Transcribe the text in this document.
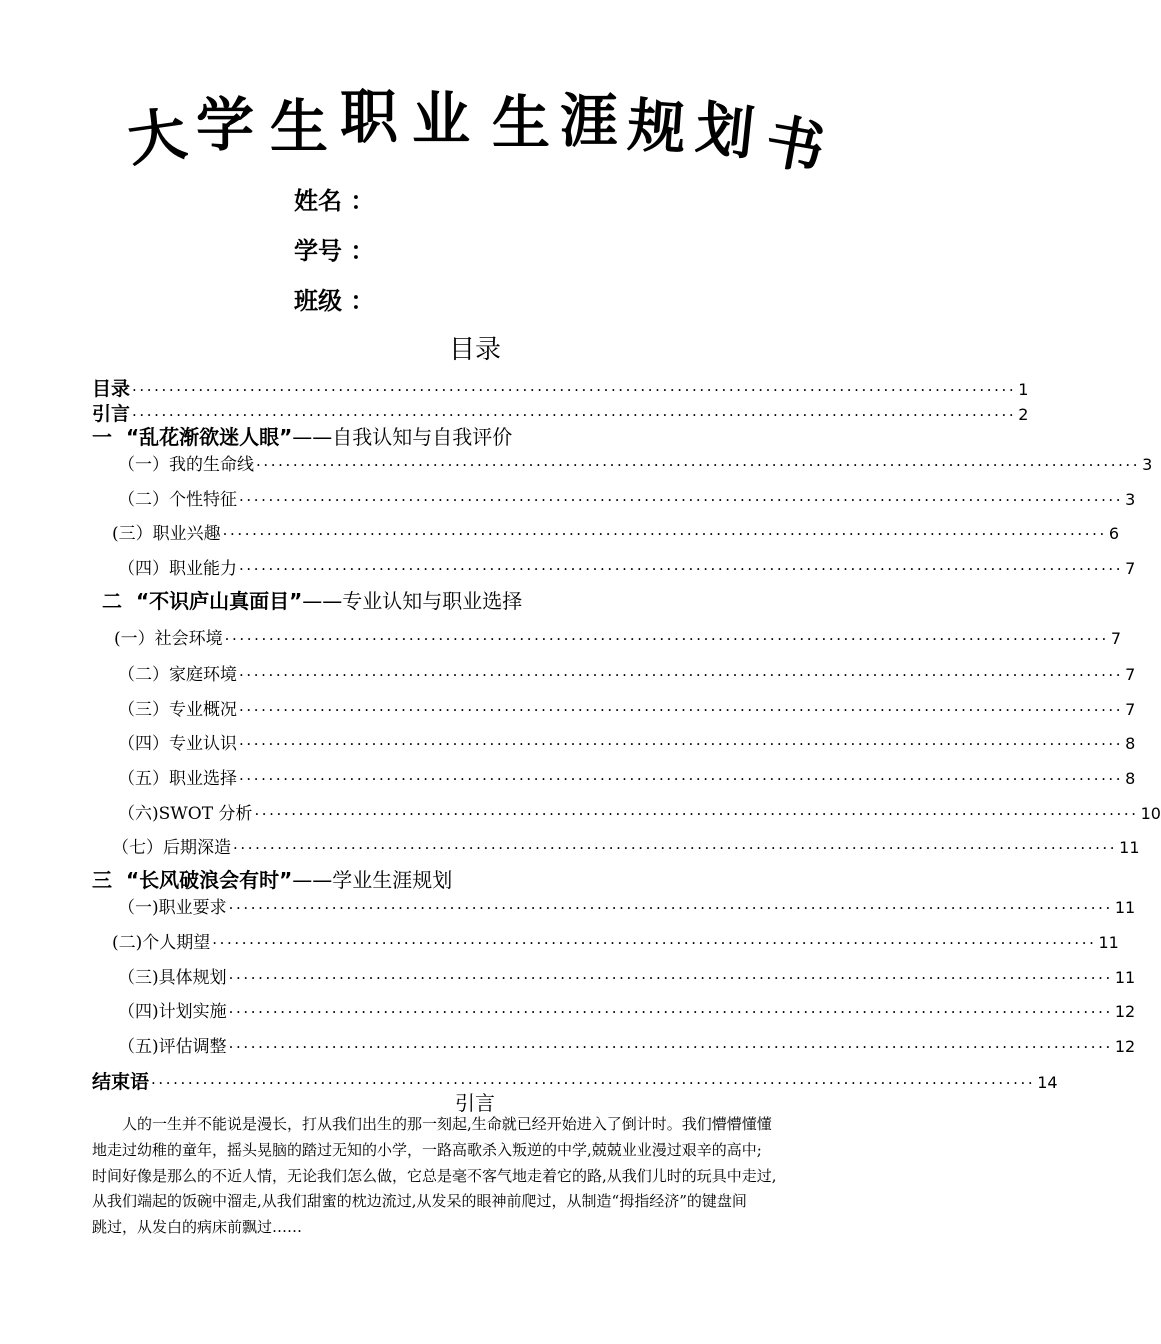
大 学 生 职 业 生 涯 规 划 书
姓名 ：
学号 ：
班级 ：
目录
目录 ························································································································ 1
引言 ························································································································ 2
一  “乱花渐欲迷人眼”——自我认知与自我评价
（一）我的生命线 ························································································································ 3
（二）个性特征 ························································································································ 3
(三）职业兴趣 ························································································································ 6
（四）职业能力 ························································································································ 7
二  “不识庐山真面目”——专业认知与职业选择
(一）社会环境 ························································································································ 7
（二）家庭环境 ························································································································ 7
（三）专业概况 ························································································································ 7
（四）专业认识 ························································································································ 8
（五）职业选择 ························································································································ 8
（六)SWOT 分析 ························································································································ 10
（七）后期深造 ························································································································ 11
三  “长风破浪会有时”——学业生涯规划
（一)职业要求 ························································································································ 11
(二)个人期望 ························································································································ 11
（三)具体规划 ························································································································ 11
（四)计划实施 ························································································································ 12
（五)评估调整 ························································································································ 12
结束语 ························································································································ 14
引言
人的一生并不能说是漫长，打从我们出生的那一刻起,生命就已经开始进入了倒计时。我们懵懵懂懂
地走过幼稚的童年，摇头晃脑的踏过无知的小学，一路高歌杀入叛逆的中学,兢兢业业漫过艰辛的高中;
时间好像是那么的不近人情，无论我们怎么做，它总是毫不客气地走着它的路,从我们儿时的玩具中走过,
从我们端起的饭碗中溜走,从我们甜蜜的枕边流过,从发呆的眼神前爬过，从制造“拇指经济”的键盘间
跳过，从发白的病床前飘过……
